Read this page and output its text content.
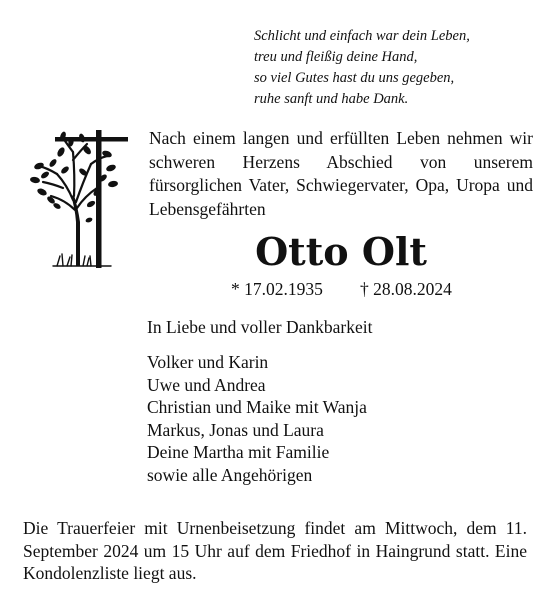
Schlicht und einfach war dein Leben,
treu und fleißig deine Hand,
so viel Gutes hast du uns gegeben,
ruhe sanft und habe Dank.
Nach einem langen und erfüllten Leben nehmen wir schweren Herzens Abschied von unserem fürsorglichen Vater, Schwiegervater, Opa, Uropa und Lebensgefährten
Otto Olt
* 17.02.1935 † 28.08.2024
In Liebe und voller Dankbarkeit
Volker und Karin
Uwe und Andrea
Christian und Maike mit Wanja
Markus, Jonas und Laura
Deine Martha mit Familie
sowie alle Angehörigen
Die Trauerfeier mit Urnenbeisetzung findet am Mittwoch, dem 11. September 2024 um 15 Uhr auf dem Friedhof in Haingrund statt. Eine Kondolenzliste liegt aus.
